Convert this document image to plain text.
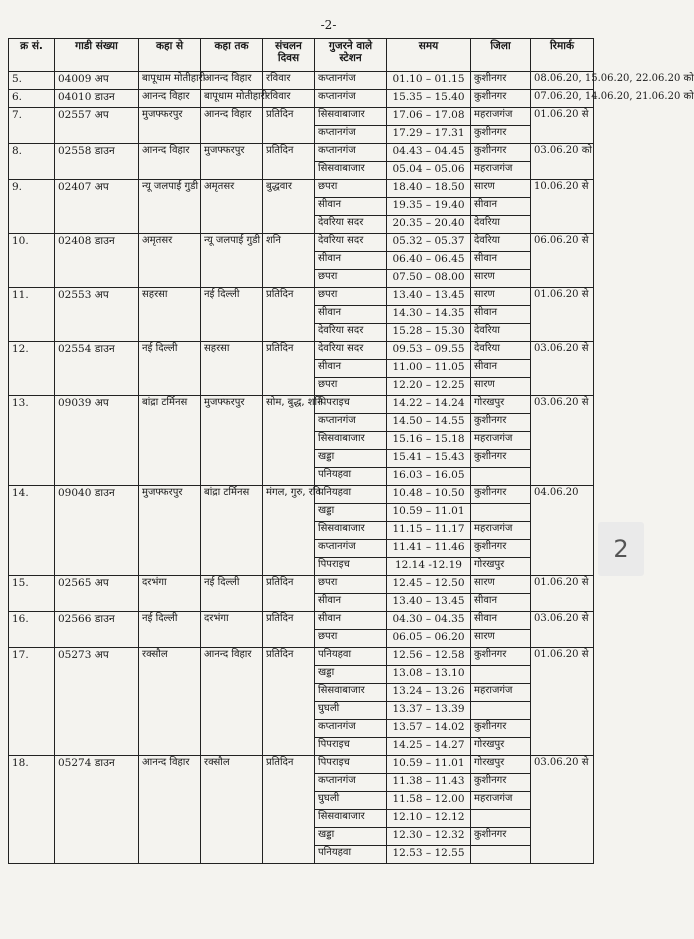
-2-
2
क्र सं.	गाडी संख्या	कहा से	कहा तक	संचलन दिवस	गुजरने वाले स्टेशन	समय	जिला	रिमार्क
5.	04009 अप	बापूधाम मोतीहारी	आनन्द विहार	रविवार	कप्तानगंज	01.10 – 01.15	कुशीनगर	08.06.20, 15.06.20, 22.06.20 को
6.	04010 डाउन	आनन्द विहार	बापूधाम मोतीहारी	रविवार	कप्तानगंज	15.35 – 15.40	कुशीनगर	07.06.20, 14.06.20, 21.06.20 को
7.	02557 अप	मुजफ्फरपुर	आनन्द विहार	प्रतिदिन	सिसवाबाजार	17.06 – 17.08	महराजगंज	01.06.20 से
					कप्तानगंज	17.29 – 17.31	कुशीनगर	
8.	02558 डाउन	आनन्द विहार	मुजफ्फरपुर	प्रतिदिन	कप्तानगंज	04.43 – 04.45	कुशीनगर	03.06.20 को
					सिसवाबाजार	05.04 – 05.06	महराजगंज	
9.	02407 अप	न्यू जलपाई गुडी	अमृतसर	बुद्धवार	छपरा	18.40 – 18.50	सारण	10.06.20 से
					सीवान	19.35 – 19.40	सीवान	
					देवरिया सदर	20.35 – 20.40	देवरिया	
10.	02408 डाउन	अमृतसर	न्यू जलपाई गुडी	शनि	देवरिया सदर	05.32 – 05.37	देवरिया	06.06.20 से
					सीवान	06.40 – 06.45	सीवान	
					छपरा	07.50 – 08.00	सारण	
11.	02553 अप	सहरसा	नई दिल्ली	प्रतिदिन	छपरा	13.40 – 13.45	सारण	01.06.20 से
					सीवान	14.30 – 14.35	सीवान	
					देवरिया सदर	15.28 – 15.30	देवरिया	
12.	02554 डाउन	नई दिल्ली	सहरसा	प्रतिदिन	देवरिया सदर	09.53 – 09.55	देवरिया	03.06.20 से
					सीवान	11.00 – 11.05	सीवान	
					छपरा	12.20 – 12.25	सारण	
13.	09039 अप	बांद्रा टर्मिनस	मुजफ्फरपुर	सोम, बुद्ध, शनि	पिपराइच	14.22 – 14.24	गोरखपुर	03.06.20 से
					कप्तानगंज	14.50 – 14.55	कुशीनगर	
					सिसवाबाजार	15.16 – 15.18	महराजगंज	
					खड्डा	15.41 – 15.43	कुशीनगर	
					पनियहवा	16.03 – 16.05		
14.	09040 डाउन	मुजफ्फरपुर	बांद्रा टर्मिनस	मंगल, गुरु, रवि	पनियहवा	10.48 – 10.50	कुशीनगर	04.06.20
					खड्डा	10.59 – 11.01		
					सिसवाबाजार	11.15 – 11.17	महराजगंज	
					कप्तानगंज	11.41 – 11.46	कुशीनगर	
					पिपराइच	12.14 -12.19	गोरखपुर	
15.	02565 अप	दरभंगा	नई दिल्ली	प्रतिदिन	छपरा	12.45 – 12.50	सारण	01.06.20 से
					सीवान	13.40 – 13.45	सीवान	
16.	02566 डाउन	नई दिल्ली	दरभंगा	प्रतिदिन	सीवान	04.30 – 04.35	सीवान	03.06.20 से
					छपरा	06.05 – 06.20	सारण	
17.	05273 अप	रक्सौल	आनन्द विहार	प्रतिदिन	पनियहवा	12.56 – 12.58	कुशीनगर	01.06.20 से
					खड्डा	13.08 – 13.10		
					सिसवाबाजार	13.24 – 13.26	महराजगंज	
					घुघली	13.37 – 13.39		
					कप्तानगंज	13.57 – 14.02	कुशीनगर	
					पिपराइच	14.25 – 14.27	गोरखपुर	
18.	05274 डाउन	आनन्द विहार	रक्सौल	प्रतिदिन	पिपराइच	10.59 – 11.01	गोरखपुर	03.06.20 से
					कप्तानगंज	11.38 – 11.43	कुशीनगर	
					घुघली	11.58 – 12.00	महराजगंज	
					सिसवाबाजार	12.10 – 12.12		
					खड्डा	12.30 – 12.32	कुशीनगर	
					पनियहवा	12.53 – 12.55		
